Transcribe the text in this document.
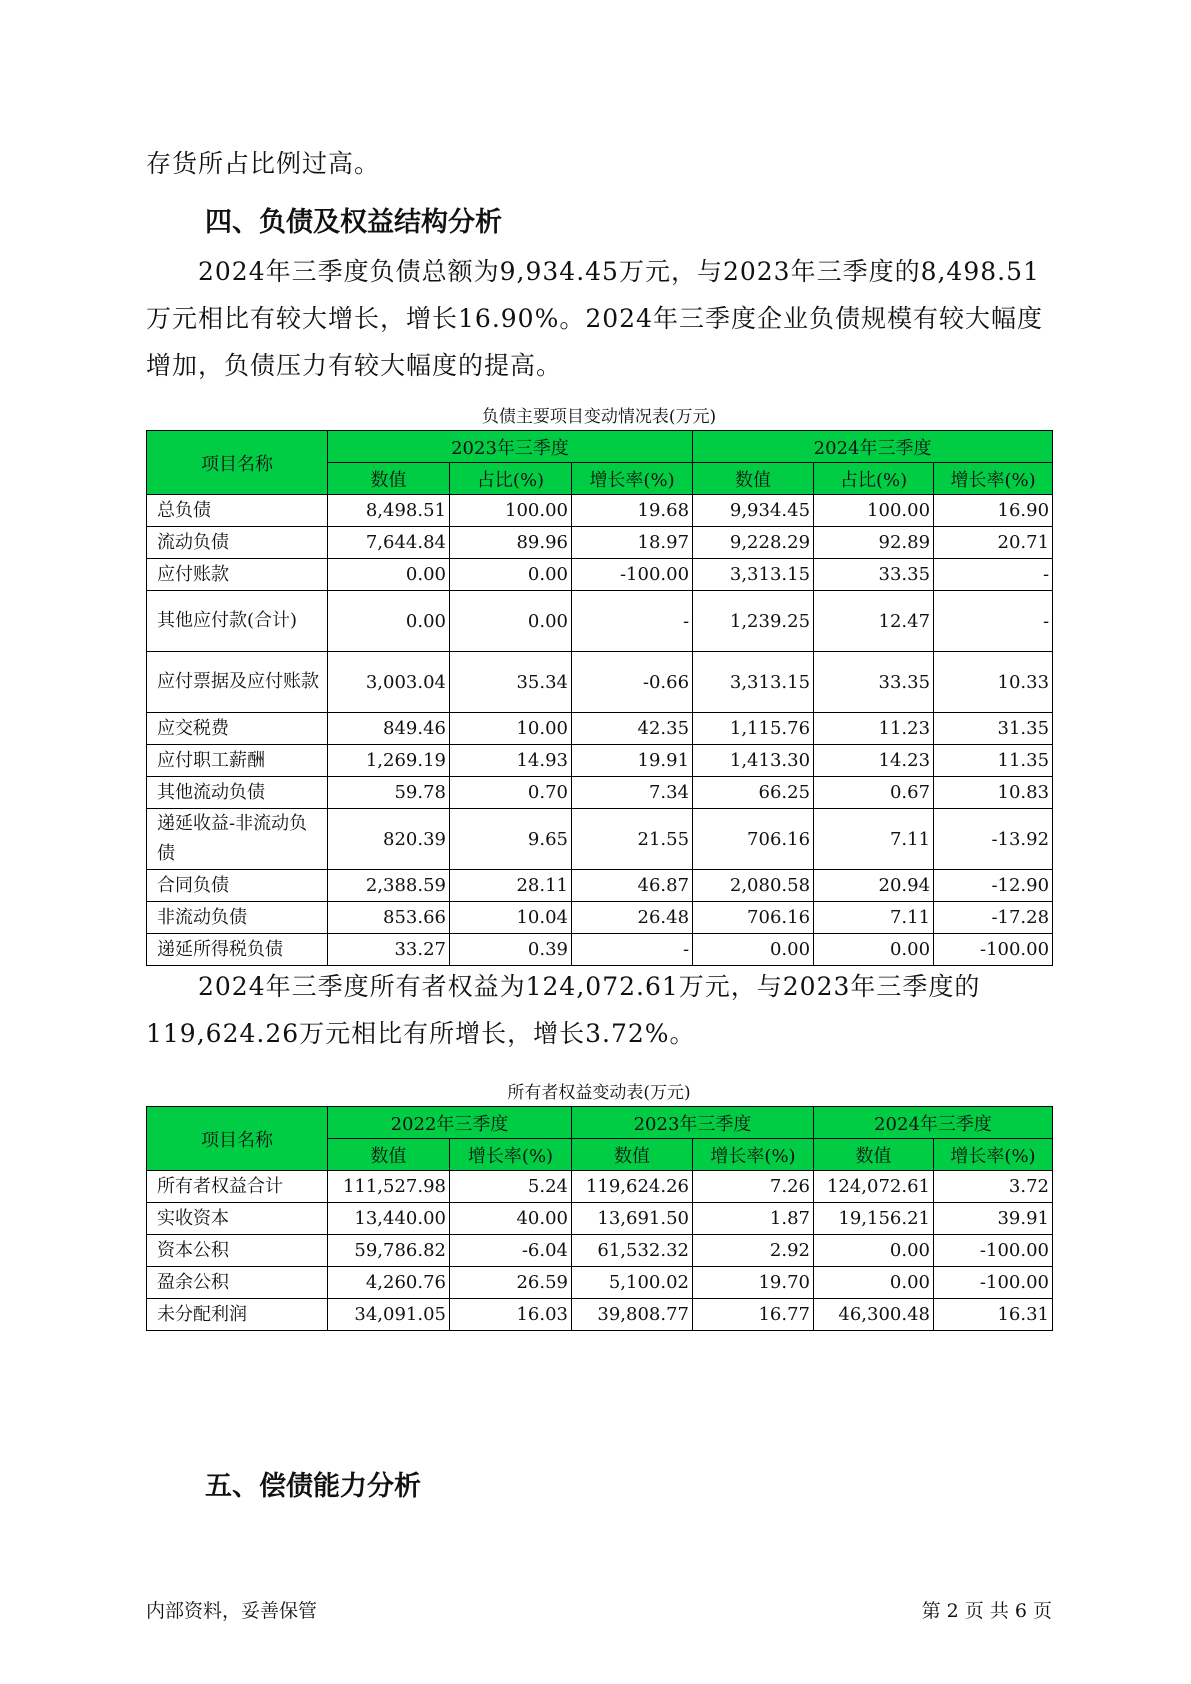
存货所占比例过高。

四、负债及权益结构分析

2024年三季度负债总额为9,934.45万元，与2023年三季度的8,498.51万元相比有较大增长，增长16.90%。2024年三季度企业负债规模有较大幅度增加，负债压力有较大幅度的提高。

负债主要项目变动情况表(万元)
项目名称	2023年三季度			2024年三季度		
	数值	占比(%)	增长率(%)	数值	占比(%)	增长率(%)
总负债	8,498.51	100.00	19.68	9,934.45	100.00	16.90
流动负债	7,644.84	89.96	18.97	9,228.29	92.89	20.71
应付账款	0.00	0.00	-100.00	3,313.15	33.35	-
其他应付款(合计)	0.00	0.00	-	1,239.25	12.47	-
应付票据及应付账款	3,003.04	35.34	-0.66	3,313.15	33.35	10.33
应交税费	849.46	10.00	42.35	1,115.76	11.23	31.35
应付职工薪酬	1,269.19	14.93	19.91	1,413.30	14.23	11.35
其他流动负债	59.78	0.70	7.34	66.25	0.67	10.83
递延收益-非流动负债	820.39	9.65	21.55	706.16	7.11	-13.92
合同负债	2,388.59	28.11	46.87	2,080.58	20.94	-12.90
非流动负债	853.66	10.04	26.48	706.16	7.11	-17.28
递延所得税负债	33.27	0.39	-	0.00	0.00	-100.00

2024年三季度所有者权益为124,072.61万元，与2023年三季度的119,624.26万元相比有所增长，增长3.72%。

所有者权益变动表(万元)
项目名称	2022年三季度		2023年三季度		2024年三季度	
	数值	增长率(%)	数值	增长率(%)	数值	增长率(%)
所有者权益合计	111,527.98	5.24	119,624.26	7.26	124,072.61	3.72
实收资本	13,440.00	40.00	13,691.50	1.87	19,156.21	39.91
资本公积	59,786.82	-6.04	61,532.32	2.92	0.00	-100.00
盈余公积	4,260.76	26.59	5,100.02	19.70	0.00	-100.00
未分配利润	34,091.05	16.03	39,808.77	16.77	46,300.48	16.31
五、偿债能力分析
内部资料，妥善保管	第 2 页 共 6 页
